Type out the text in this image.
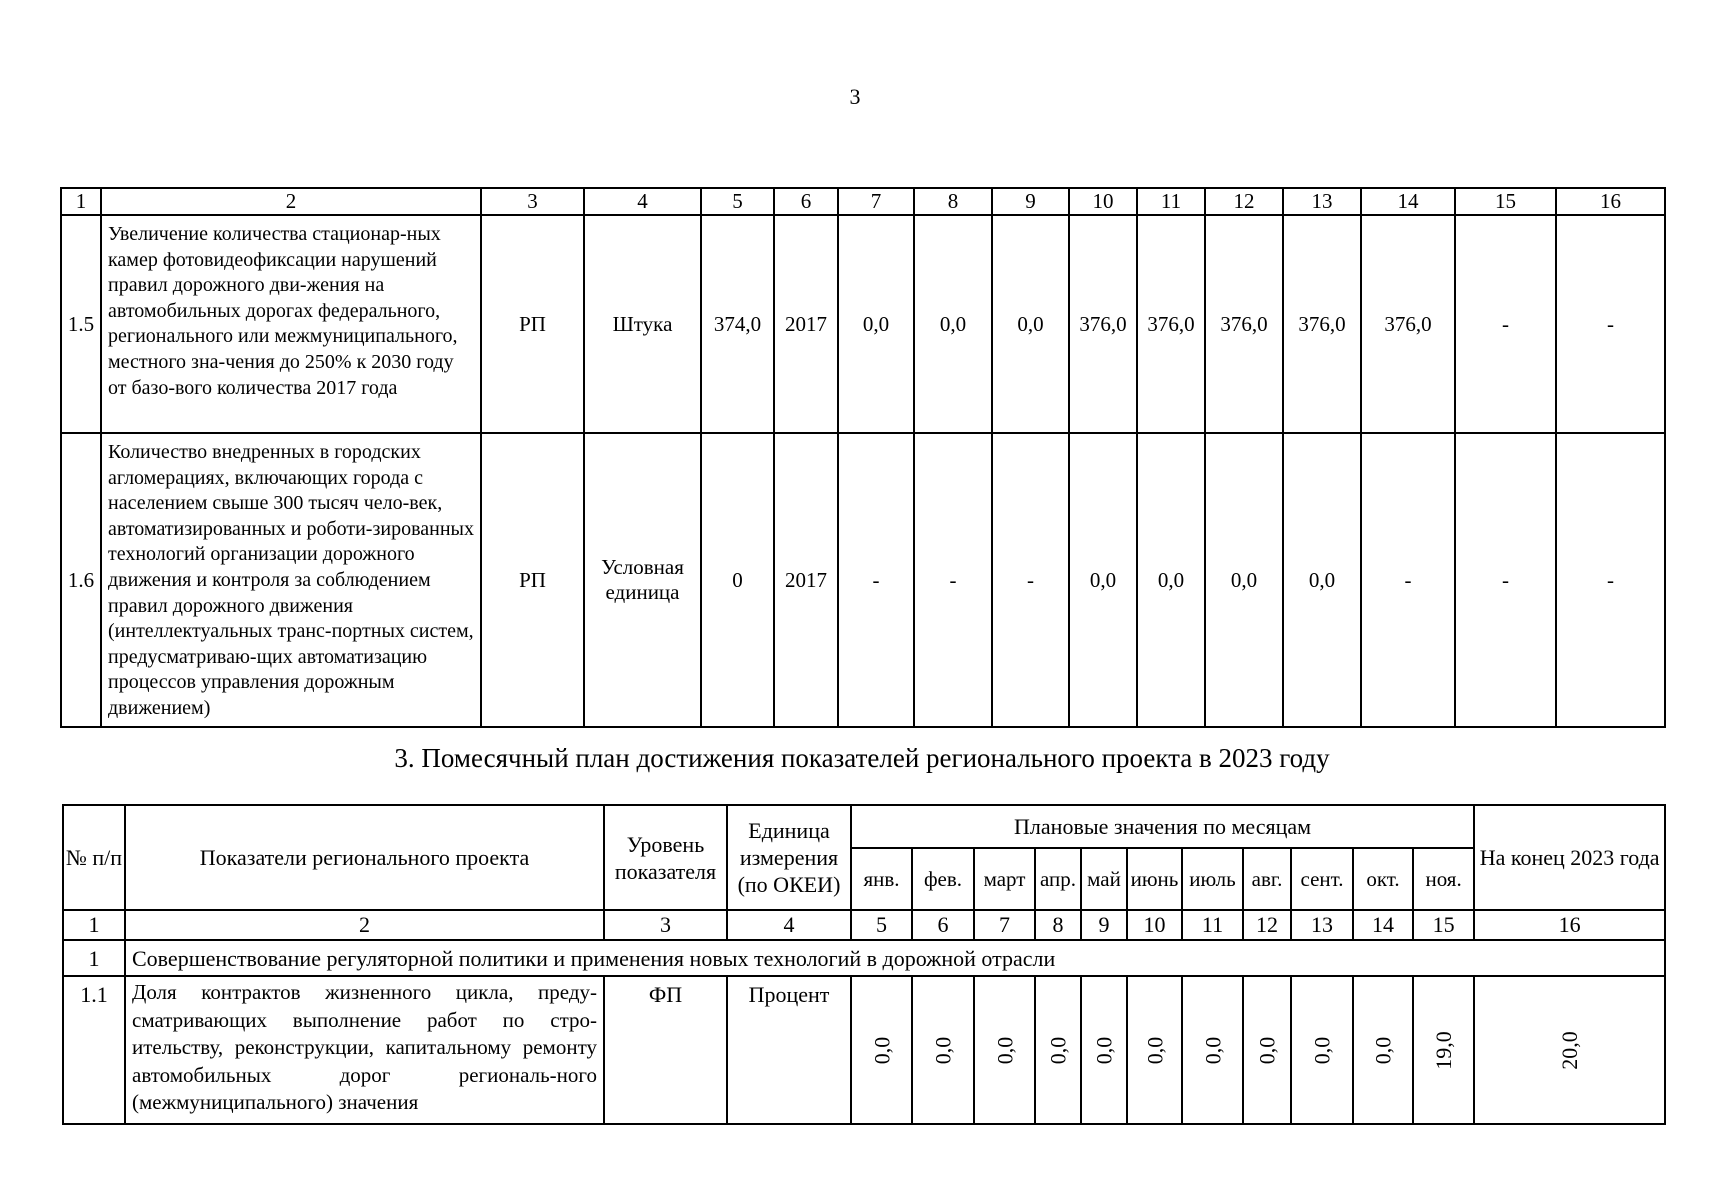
3
1	2	3	4	5	6	7	8	9	10	11	12	13	14	15	16
1.5	Увеличение количества стационар-ных камер фотовидеофиксации нарушений правил дорожного дви-жения на автомобильных дорогах федерального, регионального или межмуниципального, местного зна-чения до 250% к 2030 году от базо-вого количества 2017 года	РП	Штука	374,0	2017	0,0	0,0	0,0	376,0	376,0	376,0	376,0	376,0	-	-
1.6	Количество внедренных в городских агломерациях, включающих города с населением свыше 300 тысяч чело-век, автоматизированных и роботи-зированных технологий организации дорожного движения и контроля за соблюдением правил дорожного движения (интеллектуальных транс-портных систем, предусматриваю-щих автоматизацию процессов управления дорожным движением)	РП	Условная единица	0	2017	-	-	-	0,0	0,0	0,0	0,0	-	-	-
3. Помесячный план достижения показателей регионального проекта в 2023 году
№ п/п	Показатели регионального проекта	Уровень показателя	Единица измерения (по ОКЕИ)	Плановые значения по месяцам											На конец 2023 года
				янв.	фев.	март	апр.	май	июнь	июль	авг.	сент.	окт.	ноя.	
1	2	3	4	5	6	7	8	9	10	11	12	13	14	15	16
1	Совершенствование регуляторной политики и применения новых технологий в дорожной отрасли														
1.1	Доля контрактов жизненного цикла, преду-сматривающих выполнение работ по стро-ительству, реконструкции, капитальному ремонту автомобильных дорог региональ-ного (межмуниципального) значения	ФП	Процент	0,0	0,0	0,0	0,0	0,0	0,0	0,0	0,0	0,0	0,0	19,0	20,0
